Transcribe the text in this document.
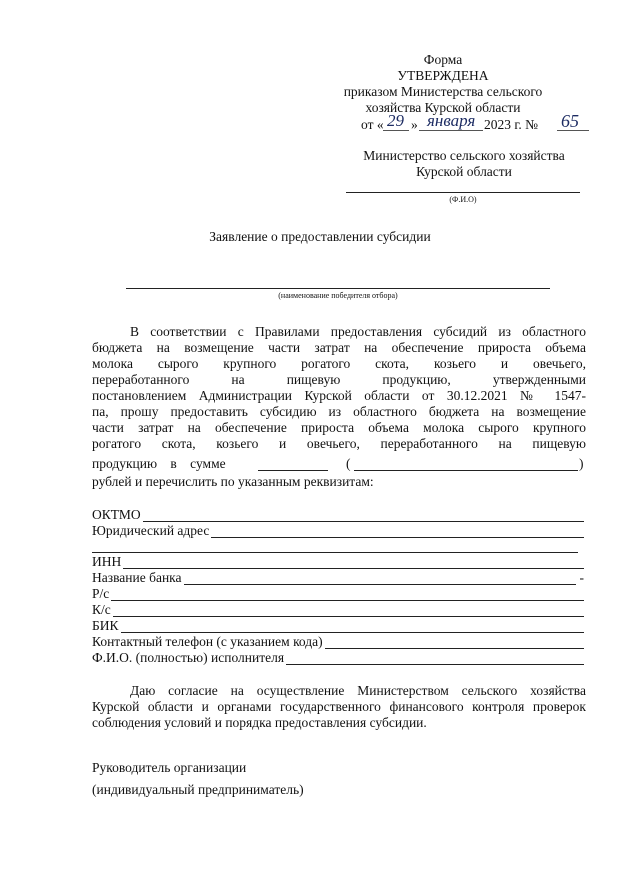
Форма
УТВЕРЖДЕНА
приказом Министерства сельского
хозяйства Курской области
от « 29 » января 2023 г. № 65
Министерство сельского хозяйства
Курской области
(Ф.И.О)
Заявление о предоставлении субсидии
(наименование победителя отбора)
В соответствии с Правилами предоставления субсидий из областного
бюджета на возмещение части затрат на обеспечение прироста объема
молока сырого крупного рогатого скота, козьего и овечьего,
переработанного на пищевую продукцию, утвержденными
постановлением Администрации Курской области от 30.12.2021 № 1547-
па, прошу предоставить субсидию из областного бюджета на возмещение
части затрат на обеспечение прироста объема молока сырого крупного
рогатого скота, козьего и овечьего, переработанного на пищевую
продукцию в сумме	(	)
рублей и перечислить по указанным реквизитам:
ОКТМО
Юридический адрес
ИНН
Название банка	-
Р/с
К/с
БИК
Контактный телефон (с указанием кода)
Ф.И.О. (полностью) исполнителя
Даю согласие на осуществление Министерством сельского хозяйства
Курской области и органами государственного финансового контроля проверок
соблюдения условий и порядка предоставления субсидии.
Руководитель организации
(индивидуальный предприниматель)
